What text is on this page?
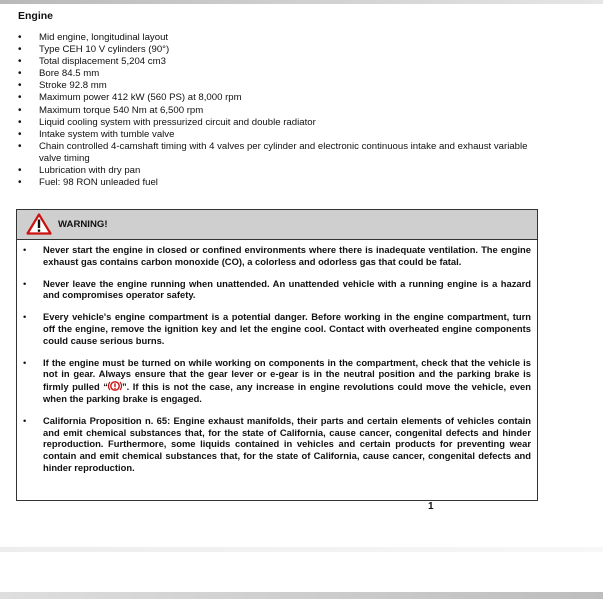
Engine
• Mid engine, longitudinal layout
• Type CEH 10 V cylinders (90°)
• Total displacement 5,204 cm3
• Bore 84.5 mm
• Stroke 92.8 mm
• Maximum power 412 kW (560 PS) at 8,000 rpm
• Maximum torque 540 Nm at 6,500 rpm
• Liquid cooling system with pressurized circuit and double radiator
• Intake system with tumble valve
• Chain controlled 4-camshaft timing with 4 valves per cylinder and electronic continuous intake and exhaust variable valve timing
• Lubrication with dry pan
• Fuel: 98 RON unleaded fuel
WARNING!
• Never start the engine in closed or confined environments where there is inadequate ventilation. The engine exhaust gas contains carbon monoxide (CO), a colorless and odorless gas that could be fatal.
• Never leave the engine running when unattended. An unattended vehicle with a running engine is a hazard and compromises operator safety.
• Every vehicle's engine compartment is a potential danger. Before working in the engine compartment, turn off the engine, remove the ignition key and let the engine cool. Contact with overheated engine components could cause serious burns.
• If the engine must be turned on while working on components in the compartment, check that the vehicle is not in gear. Always ensure that the gear lever or e-gear is in the neutral position and the parking brake is firmly pulled “ ”. If this is not the case, any increase in engine revolutions could move the vehicle, even when the parking brake is engaged.
• California Proposition n. 65: Engine exhaust manifolds, their parts and certain elements of vehicles contain and emit chemical substances that, for the state of California, cause cancer, congenital defects and hinder reproduction. Furthermore, some liquids contained in vehicles and certain products for preventing wear contain and emit chemical substances that, for the state of California, cause cancer, congenital defects and hinder reproduction.
1
